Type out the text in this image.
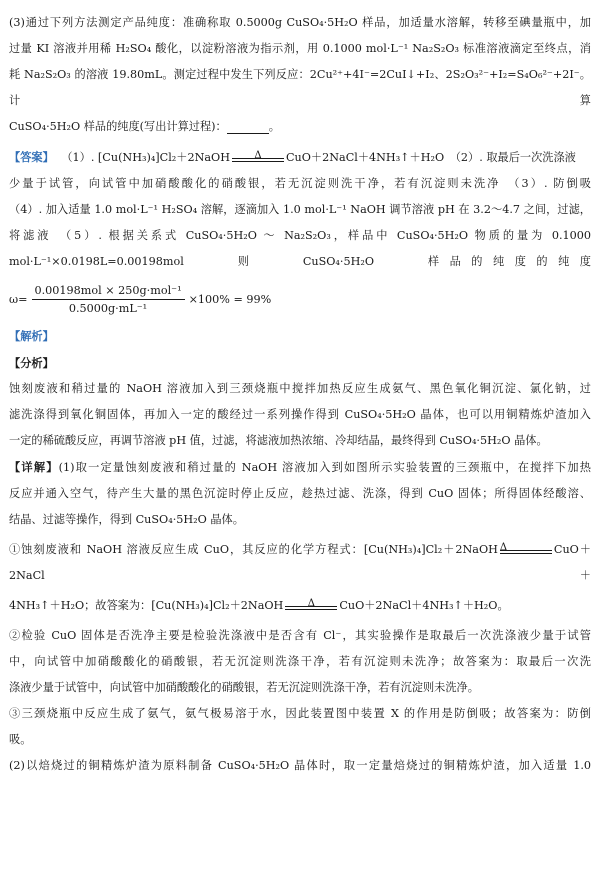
(3)通过下列方法测定产品纯度：准确称取 0.5000g CuSO₄·5H₂O 样品，加适量水溶解，转移至碘量瓶中，加

过量 KI 溶液并用稀 H₂SO₄ 酸化，以淀粉溶液为指示剂，用 0.1000 mol·L⁻¹ Na₂S₂O₃ 标准溶液滴定至终点，消

耗 Na₂S₂O₃ 的溶液 19.80mL。测定过程中发生下列反应：2Cu²⁺+4I⁻=2CuI↓+I₂、2S₂O₃²⁻+I₂=S₄O₆²⁻+2I⁻。计算

CuSO₄·5H₂O 样品的纯度(写出计算过程)：	。

【答案】 （1）. [Cu(NH₃)₄]Cl₂＋2NaOH	Δ	CuO＋2NaCl＋4NH₃↑＋H₂O　（2）. 取最后一次洗涤液

少量于试管，向试管中加硝酸酸化的硝酸银，若无沉淀则洗干净，若有沉淀则未洗净　（3）. 防倒吸

（4）. 加入适量 1.0 mol·L⁻¹ H₂SO₄ 溶解，逐滴加入 1.0 mol·L⁻¹ NaOH 调节溶液 pH 在 3.2～4.7 之间，过滤，

将滤液　（5）. 根据关系式 CuSO₄·5H₂O ～ Na₂S₂O₃，样品中 CuSO₄·5H₂O 物质的量为 0.1000

mol·L⁻¹×0.0198L=0.00198mol　　则　　CuSO₄·5H₂O　　样品的纯度的纯度

$\omega= \frac{\text{0.00198mol × 250g·mol⁻¹}}{\text{0.5000g·mL⁻¹}} \times 100\% = 99\%$

【解析】

【分析】

蚀刻废液和稍过量的 NaOH 溶液加入到三颈烧瓶中搅拌加热反应生成氨气、黑色氧化铜沉淀、氯化钠，过

滤洗涤得到氧化铜固体，再加入一定的酸经过一系列操作得到 CuSO₄·5H₂O 晶体，也可以用铜精炼炉渣加入

一定的稀硫酸反应，再调节溶液 pH 值，过滤，将滤液加热浓缩、冷却结晶，最终得到 CuSO₄·5H₂O 晶体。

【详解】(1)取一定量蚀刻废液和稍过量的 NaOH 溶液加入到如图所示实验装置的三颈瓶中，在搅拌下加热

反应并通入空气，待产生大量的黑色沉淀时停止反应，趁热过滤、洗涤，得到 CuO 固体；所得固体经酸溶、

结晶、过滤等操作，得到 CuSO₄·5H₂O 晶体。

①蚀刻废液和 NaOH 溶液反应生成 CuO，其反应的化学方程式：[Cu(NH₃)₄]Cl₂＋2NaOH Δ	CuO＋2NaCl＋

4NH₃↑＋H₂O；故答案为：[Cu(NH₃)₄]Cl₂＋2NaOH	Δ	CuO＋2NaCl＋4NH₃↑＋H₂O。

②检验 CuO 固体是否洗净主要是检验洗涤液中是否含有 Cl⁻，其实验操作是取最后一次洗涤液少量于试管

中，向试管中加硝酸酸化的硝酸银，若无沉淀则洗涤干净，若有沉淀则未洗净；故答案为：取最后一次洗

涤液少量于试管中，向试管中加硝酸酸化的硝酸银，若无沉淀则洗涤干净，若有沉淀则未洗净。

③三颈烧瓶中反应生成了氨气，氨气极易溶于水，因此装置图中装置 X 的作用是防倒吸；故答案为：防倒

吸。

(2)以焙烧过的铜精炼炉渣为原料制备 CuSO₄·5H₂O 晶体时，取一定量焙烧过的铜精炼炉渣，加入适量 1.0
